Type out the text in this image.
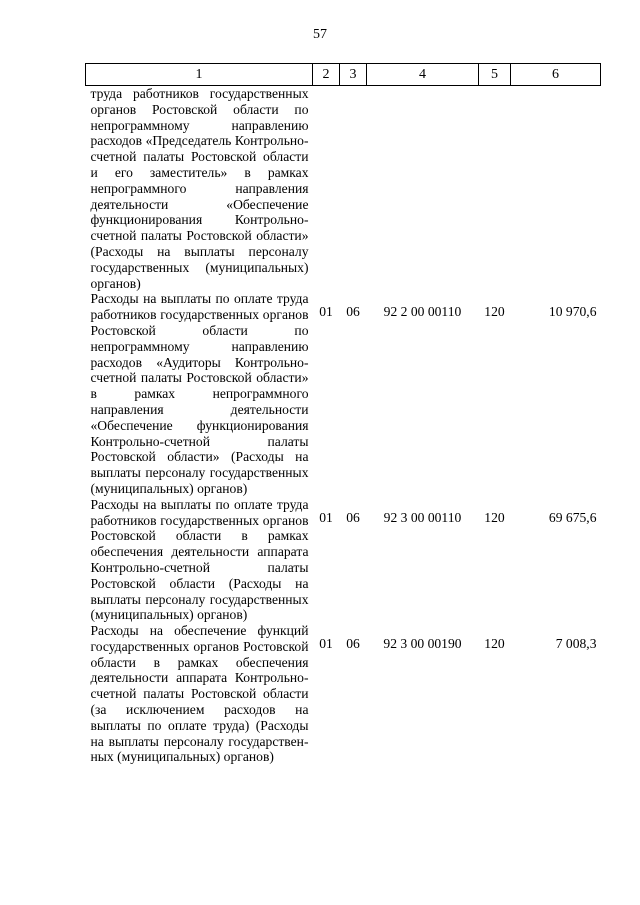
57
1	2	3	4	5	6
труда работников государственных органов Ростовской области по непрограммному направлению расходов «Председатель Контрольно-счетной палаты Ростовской области и его заместитель» в рамках непрограммного направления деятельности «Обеспечение функционирования Контрольно-счетной палаты Ростовской области» (Расходы на выплаты персоналу государственных (муниципальных) органов)					
Расходы на выплаты по оплате труда работников государственных органов Ростовской области по непрограммному направлению расходов «Аудиторы Контрольно-счетной палаты Ростовской области» в рамках непрограммного направления деятельности «Обеспечение функционирования Контрольно-счетной палаты Ростовской области» (Расходы на выплаты персоналу государственных (муниципальных) органов)	01	06	92 2 00 00110	120	10 970,6
Расходы на выплаты по оплате труда работников государственных органов Ростовской области в рамках обеспечения деятельности аппарата Контрольно-счетной палаты Ростовской области (Расходы на выплаты персоналу государственных (муниципальных) органов)	01	06	92 3 00 00110	120	69 675,6
Расходы на обеспечение функций государственных органов Ростовской области в рамках обеспечения деятельности аппарата Контрольно-счетной палаты Ростовской области (за исключением расходов на выплаты по оплате труда) (Расходы на выплаты персоналу государственных (муниципальных) органов)	01	06	92 3 00 00190	120	7 008,3
